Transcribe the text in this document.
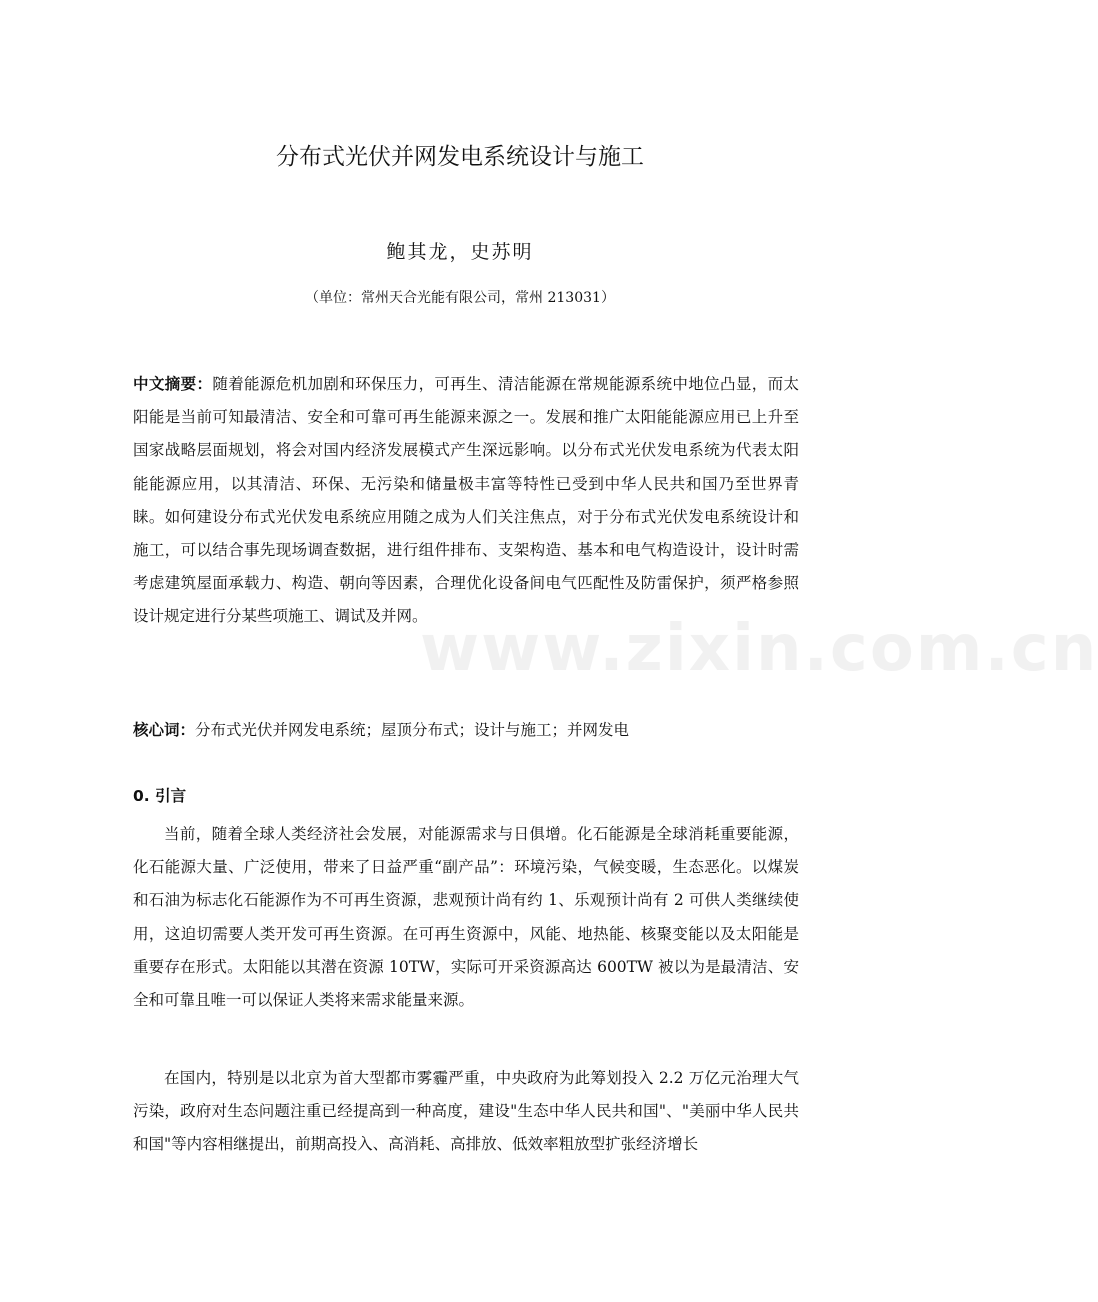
www.zixin.com.cn
分布式光伏并网发电系统设计与施工
鲍其龙，史苏明
（单位：常州天合光能有限公司，常州 213031）
中文摘要：随着能源危机加剧和环保压力，可再生、清洁能源在常规能源系统中地位凸显，而太阳能是当前可知最清洁、安全和可靠可再生能源来源之一。发展和推广太阳能能源应用已上升至国家战略层面规划，将会对国内经济发展模式产生深远影响。以分布式光伏发电系统为代表太阳能能源应用，以其清洁、环保、无污染和储量极丰富等特性已受到中华人民共和国乃至世界青睐。如何建设分布式光伏发电系统应用随之成为人们关注焦点，对于分布式光伏发电系统设计和施工，可以结合事先现场调查数据，进行组件排布、支架构造、基本和电气构造设计，设计时需考虑建筑屋面承载力、构造、朝向等因素，合理优化设备间电气匹配性及防雷保护，须严格参照设计规定进行分某些项施工、调试及并网。
核心词：分布式光伏并网发电系统；屋顶分布式；设计与施工；并网发电
0. 引言
当前，随着全球人类经济社会发展，对能源需求与日俱增。化石能源是全球消耗重要能源，化石能源大量、广泛使用，带来了日益严重“副产品”：环境污染，气候变暖，生态恶化。以煤炭和石油为标志化石能源作为不可再生资源，悲观预计尚有约 1、乐观预计尚有 2 可供人类继续使用，这迫切需要人类开发可再生资源。在可再生资源中，风能、地热能、核聚变能以及太阳能是重要存在形式。太阳能以其潜在资源 10TW，实际可开采资源高达 600TW 被以为是最清洁、安全和可靠且唯一可以保证人类将来需求能量来源。
在国内，特别是以北京为首大型都市雾霾严重，中央政府为此筹划投入 2.2 万亿元治理大气污染，政府对生态问题注重已经提高到一种高度，建设"生态中华人民共和国"、"美丽中华人民共和国"等内容相继提出，前期高投入、高消耗、高排放、低效率粗放型扩张经济增长
